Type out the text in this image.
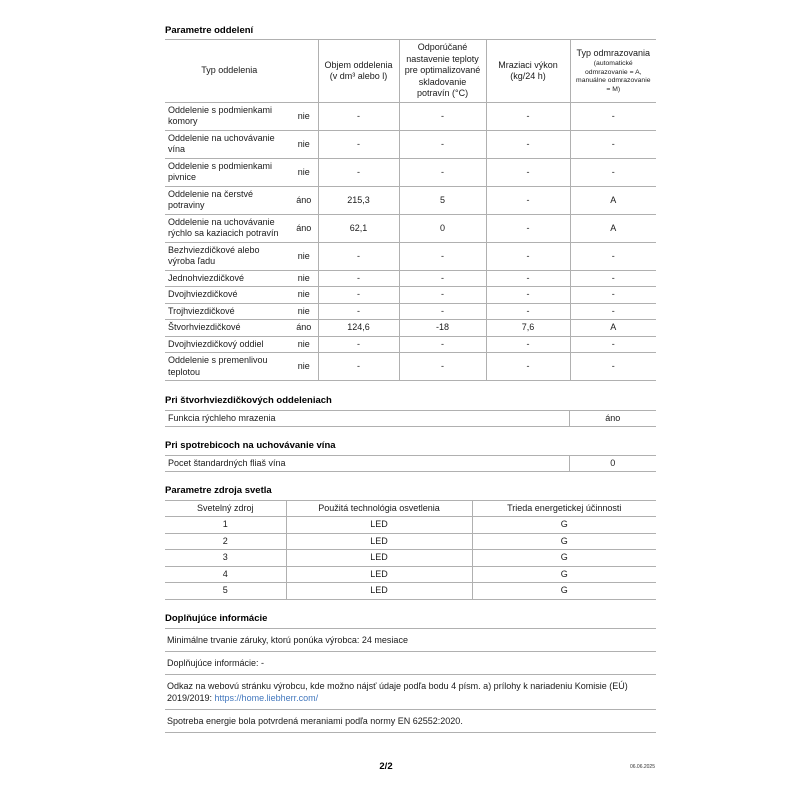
Parametre oddelení
Typ oddelenia		Objem oddelenia (v dm³ alebo l)	Odporúčané nastavenie teploty pre optimalizované skladovanie potravín (°C)	Mraziaci výkon (kg/24 h)	Typ odmrazovania
(automatické odmrazovanie = A, manuálne odmrazovanie = M)

Oddelenie s podmienkami komory	nie	-	-	-	-
Oddelenie na uchovávanie vína	nie	-	-	-	-
Oddelenie s podmienkami pivnice	nie	-	-	-	-
Oddelenie na čerstvé potraviny	áno	215,3	5	-	A
Oddelenie na uchovávanie rýchlo sa kaziacich potravín	áno	62,1	0	-	A
Bezhviezdičkové alebo výroba ľadu	nie	-	-	-	-
Jednohviezdičkové	nie	-	-	-	-
Dvojhviezdičkové	nie	-	-	-	-
Trojhviezdičkové	nie	-	-	-	-
Štvorhviezdičkové	áno	124,6	-18	7,6	A
Dvojhviezdičkový oddiel	nie	-	-	-	-
Oddelenie s premenlivou teplotou	nie	-	-	-	-
Pri štvorhviezdičkových oddeleniach
Funkcia rýchleho mrazenia	áno
Pri spotrebicoch na uchovávanie vína
Pocet štandardných fliaš vína	0
Parametre zdroja svetla
Svetelný zdroj	Použitá technológia osvetlenia	Trieda energetickej účinnosti
1	LED	G
2	LED	G
3	LED	G
4	LED	G
5	LED	G
Doplňujúce informácie
Minimálne trvanie záruky, ktorú ponúka výrobca: 24 mesiace
Doplňujúce informácie: -
Odkaz na webovú stránku výrobcu, kde možno nájsť údaje podľa bodu 4 písm. a) prílohy k nariadeniu Komisie (EÚ) 2019/2019: https://home.liebherr.com/
Spotreba energie bola potvrdená meraniami podľa normy EN 62552:2020.
2/2	06.06.2025
